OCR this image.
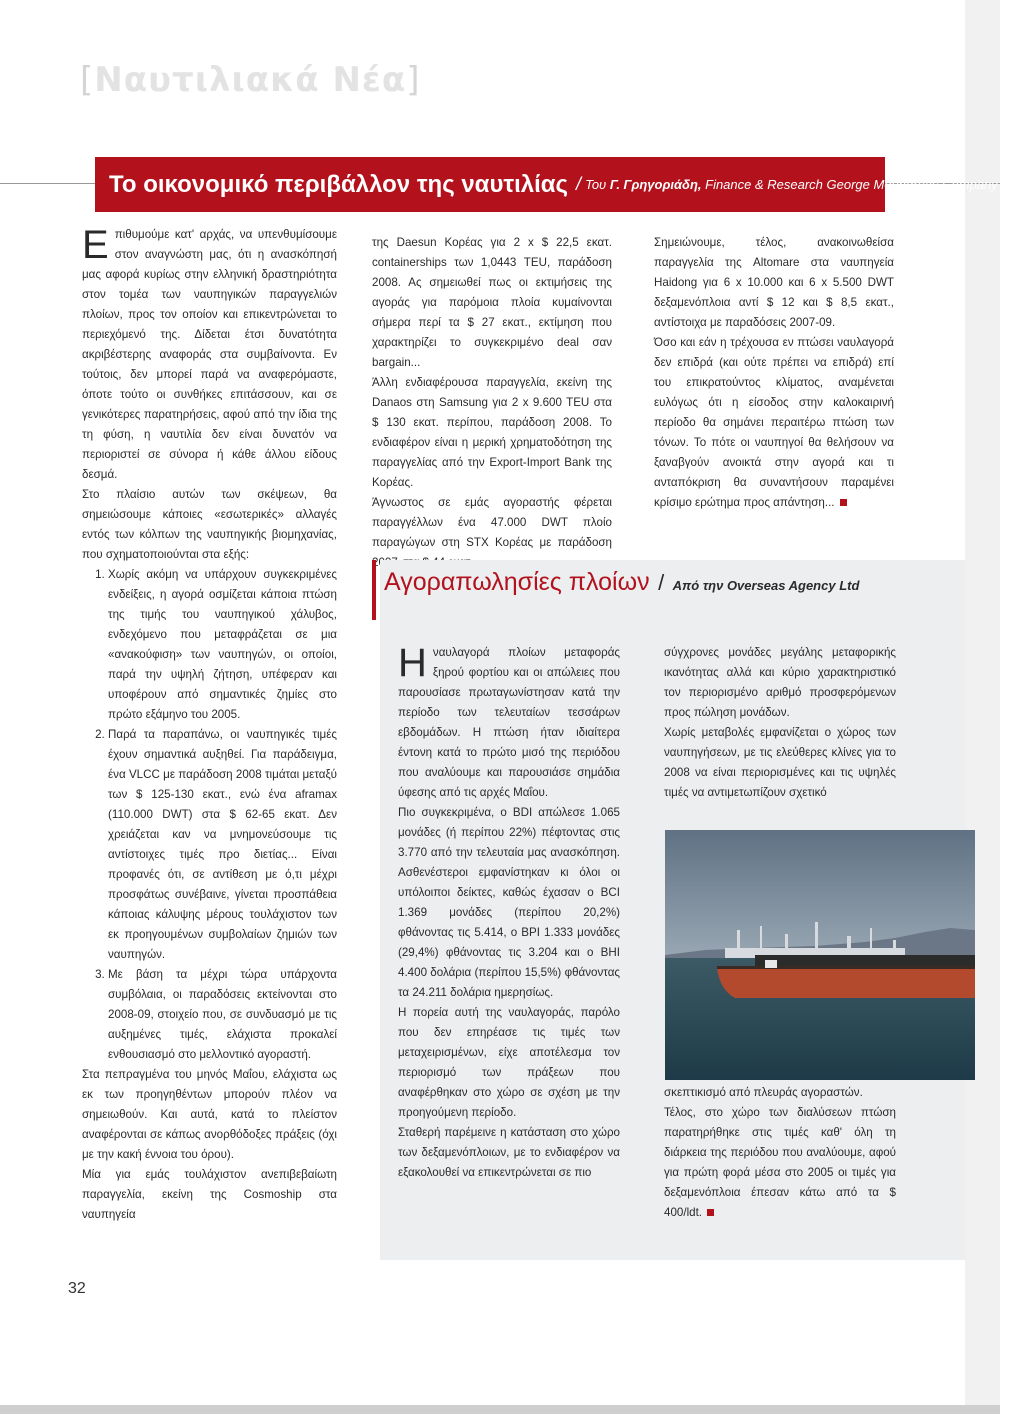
[Ναυτιλιακά Νέα]
Το οικονομικό περιβάλλον της ναυτιλίας / Του Γ. Γρηγοριάδη, Finance & Research George Moundreas Company S.A.

Επιθυμούμε κατ' αρχάς, να υπενθυμίσουμε στον αναγνώστη μας, ότι η ανασκόπησή μας αφορά κυρίως στην ελληνική δραστηριότητα στον τομέα των ναυπηγικών παραγγελιών πλοίων, προς τον οποίον και επικεντρώνεται το περιεχόμενό της. Δίδεται έτσι δυνατότητα ακριβέστερης αναφοράς στα συμβαίνοντα. Εν τούτοις, δεν μπορεί παρά να αναφερόμαστε, όποτε τούτο οι συνθήκες επιτάσσουν, και σε γενικότερες παρατηρήσεις, αφού από την ίδια της τη φύση, η ναυτιλία δεν είναι δυνατόν να περιοριστεί σε σύνορα ή κάθε άλλου είδους δεσμά.

Στο πλαίσιο αυτών των σκέψεων, θα σημειώσουμε κάποιες «εσωτερικές» αλλαγές εντός των κόλπων της ναυπηγικής βιομηχανίας, που σχηματοποιούνται στα εξής:

1. Χωρίς ακόμη να υπάρχουν συγκεκριμένες ενδείξεις, η αγορά οσμίζεται κάποια πτώση της τιμής του ναυπηγικού χάλυβος, ενδεχόμενο που μεταφράζεται σε μια «ανακούφιση» των ναυπηγών, οι οποίοι, παρά την υψηλή ζήτηση, υπέφεραν και υποφέρουν από σημαντικές ζημίες στο πρώτο εξάμηνο του 2005.
2. Παρά τα παραπάνω, οι ναυπηγικές τιμές έχουν σημαντικά αυξηθεί. Για παράδειγμα, ένα VLCC με παράδοση 2008 τιμάται μεταξύ των $ 125-130 εκατ., ενώ ένα aframax (110.000 DWT) στα $ 62-65 εκατ. Δεν χρειάζεται καν να μνημονεύσουμε τις αντίστοιχες τιμές προ διετίας... Είναι προφανές ότι, σε αντίθεση με ό,τι μέχρι προσφάτως συνέβαινε, γίνεται προσπάθεια κάποιας κάλυψης μέρους τουλάχιστον των εκ προηγουμένων συμβολαίων ζημιών των ναυπηγών.
3. Με βάση τα μέχρι τώρα υπάρχοντα συμβόλαια, οι παραδόσεις εκτείνονται στο 2008-09, στοιχείο που, σε συνδυασμό με τις αυξημένες τιμές, ελάχιστα προκαλεί ενθουσιασμό στο μελλοντικό αγοραστή.

Στα πεπραγμένα του μηνός Μαΐου, ελάχιστα ως εκ των προηγηθέντων μπορούν πλέον να σημειωθούν. Και αυτά, κατά το πλείστον αναφέρονται σε κάπως ανορθόδοξες πράξεις (όχι με την κακή έννοια του όρου).

Μία για εμάς τουλάχιστον ανεπιβεβαίωτη παραγγελία, εκείνη της Cosmoship στα ναυπηγεία

της Daesun Κορέας για 2 x $ 22,5 εκατ. containerships των 1,0443 TEU, παράδοση 2008. Ας σημειωθεί πως οι εκτιμήσεις της αγοράς για παρόμοια πλοία κυμαίνονται σήμερα περί τα $ 27 εκατ., εκτίμηση που χαρακτηρίζει το συγκεκριμένο deal σαν bargain...

Άλλη ενδιαφέρουσα παραγγελία, εκείνη της Danaos στη Samsung για 2 x 9.600 TEU στα $ 130 εκατ. περίπου, παράδοση 2008. Το ενδιαφέρον είναι η μερική χρηματοδότηση της παραγγελίας από την Export-Import Bank της Κορέας.

Άγνωστος σε εμάς αγοραστής φέρεται παραγγέλλων ένα 47.000 DWT πλοίο παραγώγων στη STX Κορέας με παράδοση

Σημειώνουμε, τέλος, ανακοινωθείσα παραγγελία της Altomare στα ναυπηγεία Haidong για 6 x 10.000 και 6 x 5.500 DWT δεξαμενόπλοια αντί $ 12 και $ 8,5 εκατ., αντίστοιχα με παραδόσεις 2007-09.

Όσο και εάν η τρέχουσα εν πτώσει ναυλαγορά δεν επιδρά (και ούτε πρέπει να επιδρά) επί του επικρατούντος κλίματος, αναμένεται ευλόγως ότι η είσοδος στην καλοκαιρινή περίοδο θα σημάνει περαιτέρω πτώση των τόνων. Το πότε οι ναυπηγοί θα θελήσουν να ξαναβγούν ανοικτά στην αγορά και τι ανταπόκριση θα συναντήσουν παραμένει κρίσιμο ερώτημα προς απάντηση...

Αγοραπωλησίες πλοίων / Από την Overseas Agency Ltd

Ηναυλαγορά πλοίων μεταφοράς ξηρού φορτίου και οι απώλειες που παρουσίασε πρωταγωνίστησαν κατά την περίοδο των τελευταίων τεσσάρων εβδομάδων. Η πτώση ήταν ιδιαίτερα έντονη κατά το πρώτο μισό της περιόδου που αναλύουμε και παρουσιάσε σημάδια ύφεσης από τις αρχές Μαΐου.

Πιο συγκεκριμένα, ο BDI απώλεσε 1.065 μονάδες (ή περίπου 22%) πέφτοντας στις 3.770 από την τελευταία μας ανασκόπηση. Ασθενέστεροι εμφανίστηκαν κι όλοι οι υπόλοιποι δείκτες, καθώς έχασαν ο BCI 1.369 μονάδες (περίπου 20,2%) φθάνοντας τις 5.414, ο BPI 1.333 μονάδες (29,4%) φθάνοντας τις 3.204 και ο BHI 4.400 δολάρια (περίπου 15,5%) φθάνοντας τα 24.211 δολάρια ημερησίως.

Η πορεία αυτή της ναυλαγοράς, παρόλο που δεν επηρέασε τις τιμές των μεταχειρισμένων, είχε αποτέλεσμα τον περιορισμό των πράξεων που αναφέρθηκαν στο χώρο σε σχέση με την προηγούμενη περίοδο.

Σταθερή παρέμεινε η κατάσταση στο χώρο των δεξαμενόπλοιων, με το ενδιαφέρον να εξακολουθεί να επικεντρώνεται σε πιο

σύγχρονες μονάδες μεγάλης μεταφορικής ικανότητας αλλά και κύριο χαρακτηριστικό τον περιορισμένο αριθμό προσφερόμενων προς πώληση μονάδων.

Χωρίς μεταβολές εμφανίζεται ο χώρος των ναυπηγήσεων, με τις ελεύθερες κλίνες για το 2008 να είναι περιορισμένες και τις υψηλές τιμές να αντιμετωπίζουν σχετικό

σκεπτικισμό από πλευράς αγοραστών.

Τέλος, στο χώρο των διαλύσεων πτώση παρατηρήθηκε στις τιμές καθ' όλη τη διάρκεια της περιόδου που αναλύουμε, αφού για πρώτη φορά μέσα στο 2005 οι τιμές για δεξαμενόπλοια έπεσαν κάτω από τα $ 400/ldt.

32
